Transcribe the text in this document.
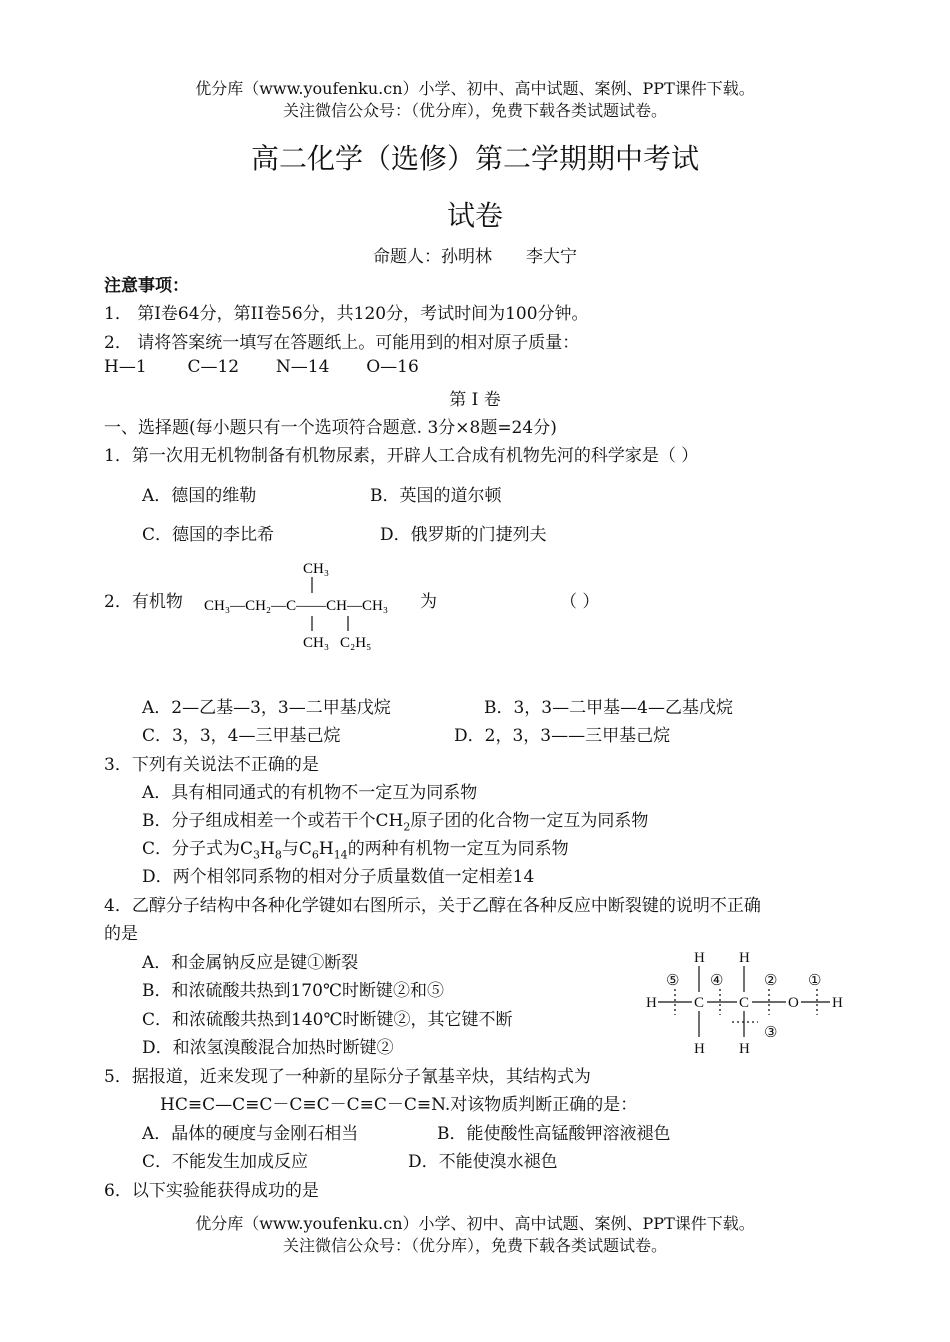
优分库（www.youfenku.cn）小学、初中、高中试题、案例、PPT课件下载。
关注微信公众号：（优分库），免费下载各类试题试卷。
高二化学（选修）第二学期期中考试
试卷
命题人：孙明林　　李大宁
注意事项：
1． 第I卷64分，第II卷56分，共120分，考试时间为100分钟。
2． 请将答案统一填写在答题纸上。可能用到的相对原子质量：
H—1 C—12 N—14 O—16
第 I 卷
一、选择题(每小题只有一个选项符合题意. 3分×8题=24分)
1．第一次用无机物制备有机物尿素，开辟人工合成有机物先河的科学家是（ ）
A．德国的维勒	B．英国的道尔顿
C．德国的李比希	D．俄罗斯的门捷列夫
2．有机物
CH₃
CH₃—CH₂—C——CH—CH₃
CH₃ C₂H₅
为	（ ）
A．2—乙基—3，3—二甲基戊烷	B．3，3—二甲基—4—乙基戊烷
C．3，3，4—三甲基己烷	D．2，3，3——三甲基己烷
3．下列有关说法不正确的是
A．具有相同通式的有机物不一定互为同系物
B．分子组成相差一个或若干个$CH_2$原子团的化合物一定互为同系物
C．分子式为$C_3H_8$与$C_6H_{14}$的两种有机物一定互为同系物
D．两个相邻同系物的相对分子质量数值一定相差14
4．乙醇分子结构中各种化学键如右图所示，关于乙醇在各种反应中断裂键的说明不正确
的是
A．和金属钠反应是键①断裂
B．和浓硫酸共热到170℃时断键②和⑤
C．和浓硫酸共热到140℃时断键②，其它键不断
D．和浓氢溴酸混合加热时断键②
H H
H C C	O H
H H
⑤ ④	② ①
③
5．据报道，近来发现了一种新的星际分子氰基辛炔，其结构式为
HC≡C—C≡C－C≡C－C≡C－C≡N.对该物质判断正确的是：
A．晶体的硬度与金刚石相当	B．能使酸性高锰酸钾溶液褪色
C．不能发生加成反应	D．不能使溴水褪色
6．以下实验能获得成功的是
优分库（www.youfenku.cn）小学、初中、高中试题、案例、PPT课件下载。
关注微信公众号：（优分库），免费下载各类试题试卷。
